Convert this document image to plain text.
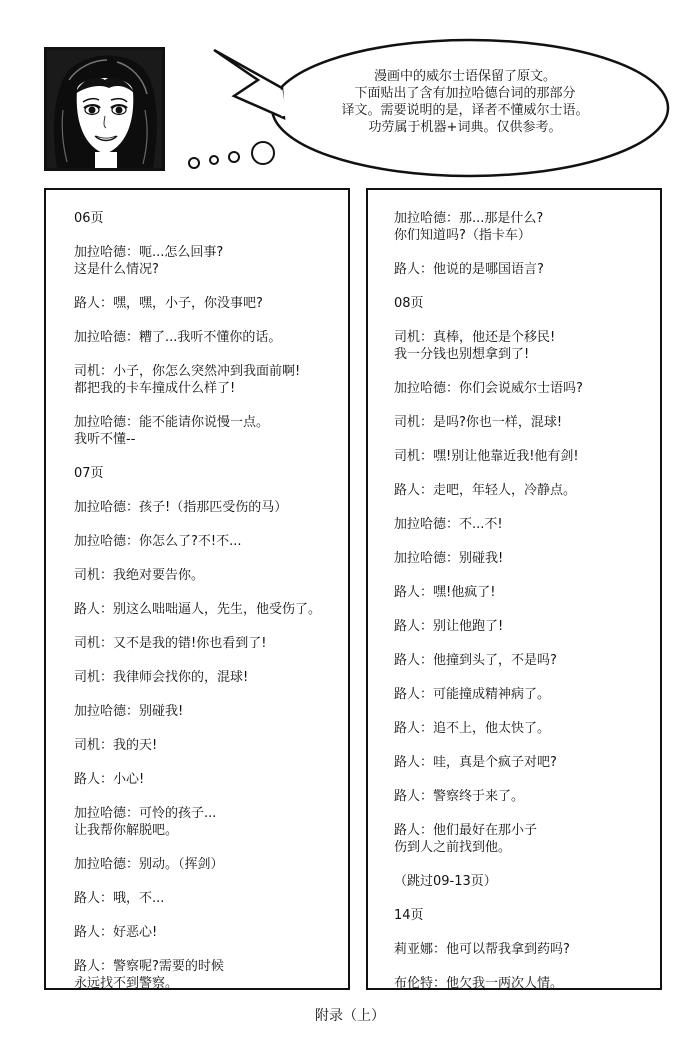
漫画中的威尔士语保留了原文。
下面贴出了含有加拉哈德台词的那部分
译文。需要说明的是，译者不懂威尔士语。
功劳属于机器+词典。仅供参考。
06页
加拉哈德：呃...怎么回事?
这是什么情况?
路人：嘿，嘿，小子，你没事吧?
加拉哈德：糟了...我听不懂你的话。
司机：小子，你怎么突然冲到我面前啊!
都把我的卡车撞成什么样了!
加拉哈德：能不能请你说慢一点。
我听不懂--
07页
加拉哈德：孩子!（指那匹受伤的马）
加拉哈德：你怎么了?不!不...
司机：我绝对要告你。
路人：别这么咄咄逼人，先生，他受伤了。
司机：又不是我的错!你也看到了!
司机：我律师会找你的，混球!
加拉哈德：别碰我!
司机：我的天!
路人：小心!
加拉哈德：可怜的孩子...
让我帮你解脱吧。
加拉哈德：别动。（挥剑）
路人：哦，不...
路人：好恶心!
路人：警察呢?需要的时候
永远找不到警察。
加拉哈德：那...那是什么?
你们知道吗?（指卡车）
路人：他说的是哪国语言?
08页
司机：真棒，他还是个移民!
我一分钱也别想拿到了!
加拉哈德：你们会说威尔士语吗?
司机：是吗?你也一样，混球!
司机：嘿!别让他靠近我!他有剑!
路人：走吧，年轻人，冷静点。
加拉哈德：不...不!
加拉哈德：别碰我!
路人：嘿!他疯了!
路人：别让他跑了!
路人：他撞到头了，不是吗?
路人：可能撞成精神病了。
路人：追不上，他太快了。
路人：哇，真是个疯子对吧?
路人：警察终于来了。
路人：他们最好在那小子
伤到人之前找到他。
（跳过09-13页）
14页
莉亚娜：他可以帮我拿到药吗?
布伦特：他欠我一两次人情。
附录（上）
